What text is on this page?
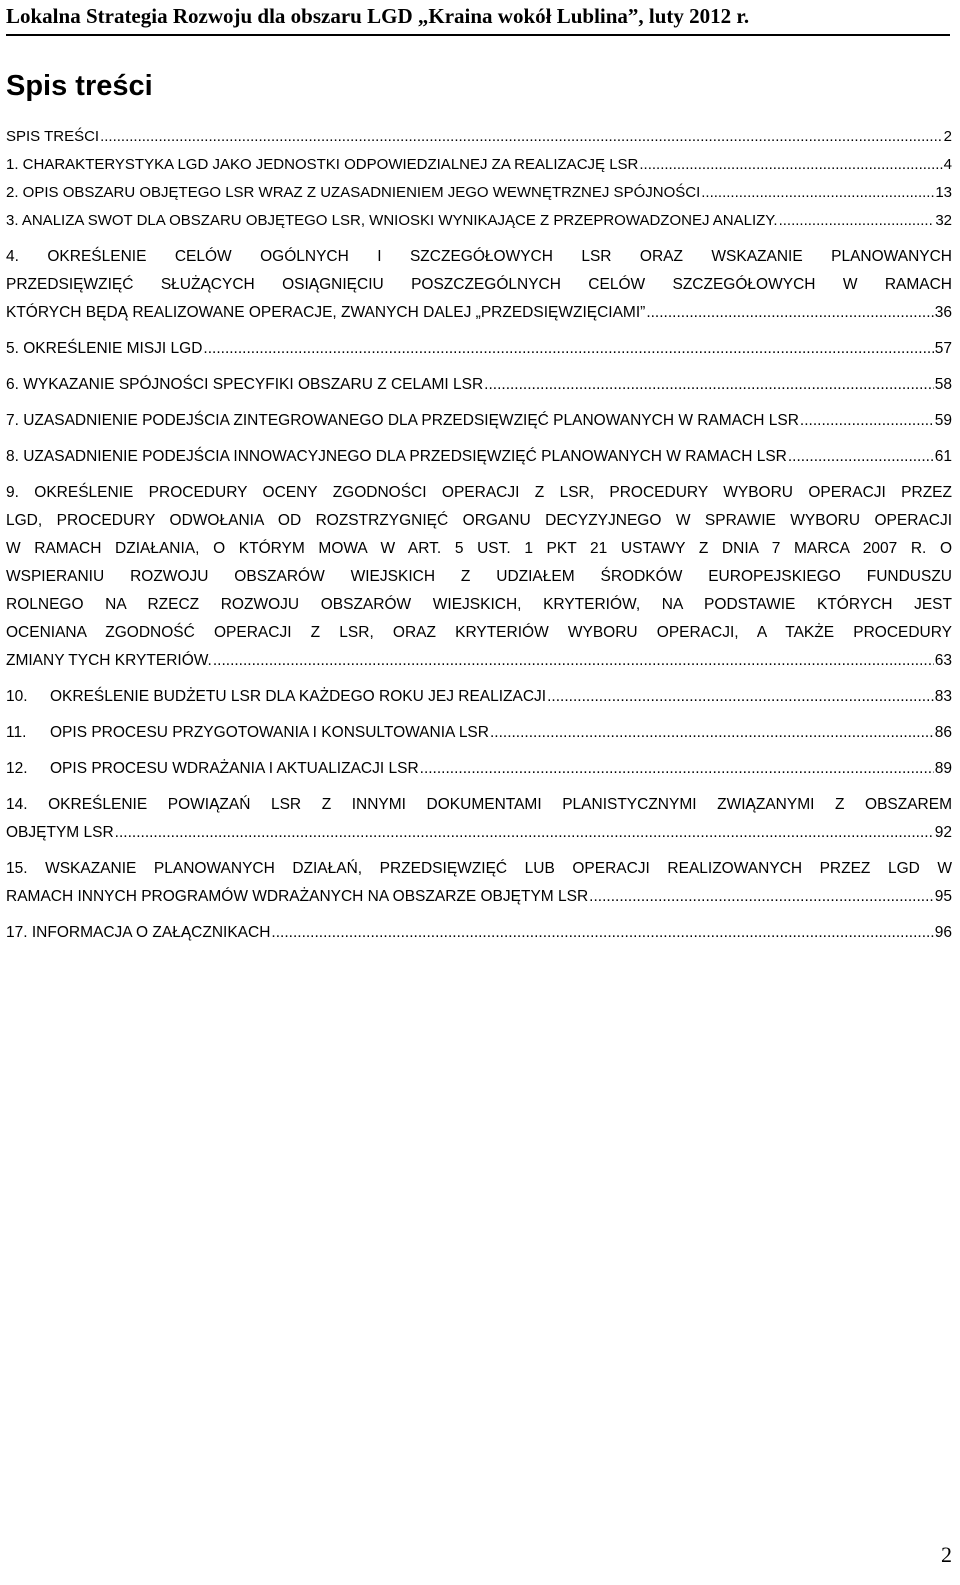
Lokalna Strategia Rozwoju dla obszaru LGD „Kraina wokół Lublina”, luty 2012 r.
Spis treści
SPIS TREŚCI .....	2
1. CHARAKTERYSTYKA LGD JAKO JEDNOSTKI ODPOWIEDZIALNEJ ZA REALIZACJĘ LSR .....	4
2. OPIS OBSZARU OBJĘTEGO LSR WRAZ Z UZASADNIENIEM JEGO WEWNĘTRZNEJ SPÓJNOŚCI .....	13
3. ANALIZA SWOT DLA OBSZARU OBJĘTEGO LSR, WNIOSKI WYNIKAJĄCE Z PRZEPROWADZONEJ ANALIZY. .....	32
4. OKREŚLENIE CELÓW OGÓLNYCH I SZCZEGÓŁOWYCH LSR ORAZ WSKAZANIE PLANOWANYCH
PRZEDSIĘWZIĘĆ SŁUŻĄCYCH OSIĄGNIĘCIU POSZCZEGÓLNYCH CELÓW SZCZEGÓŁOWYCH W RAMACH
KTÓRYCH BĘDĄ REALIZOWANE OPERACJE, ZWANYCH DALEJ „PRZEDSIĘWZIĘCIAMI” .....	36
5. OKREŚLENIE MISJI LGD .....	57
6. WYKAZANIE SPÓJNOŚCI SPECYFIKI OBSZARU Z CELAMI LSR .....	58
7. UZASADNIENIE PODEJŚCIA ZINTEGROWANEGO DLA PRZEDSIĘWZIĘĆ PLANOWANYCH W RAMACH LSR .....	59
8. UZASADNIENIE PODEJŚCIA INNOWACYJNEGO DLA PRZEDSIĘWZIĘĆ PLANOWANYCH W RAMACH LSR .....	61
9. OKREŚLENIE PROCEDURY OCENY ZGODNOŚCI OPERACJI Z LSR, PROCEDURY WYBORU OPERACJI PRZEZ
LGD, PROCEDURY ODWOŁANIA OD ROZSTRZYGNIĘĆ ORGANU DECYZYJNEGO W SPRAWIE WYBORU OPERACJI
W RAMACH DZIAŁANIA, O KTÓRYM MOWA W ART. 5 UST. 1 PKT 21 USTAWY Z DNIA 7 MARCA 2007 R. O
WSPIERANIU ROZWOJU OBSZARÓW WIEJSKICH Z UDZIAŁEM ŚRODKÓW EUROPEJSKIEGO FUNDUSZU
ROLNEGO NA RZECZ ROZWOJU OBSZARÓW WIEJSKICH, KRYTERIÓW, NA PODSTAWIE KTÓRYCH JEST
OCENIANA ZGODNOŚĆ OPERACJI Z LSR, ORAZ KRYTERIÓW WYBORU OPERACJI, A TAKŻE PROCEDURY
ZMIANY TYCH KRYTERIÓW. .....	63
10.	OKREŚLENIE BUDŻETU LSR DLA KAŻDEGO ROKU JEJ REALIZACJI .....	83
11.	OPIS PROCESU PRZYGOTOWANIA I KONSULTOWANIA LSR .....	86
12.	OPIS PROCESU WDRAŻANIA I AKTUALIZACJI LSR .....	89
14. OKREŚLENIE POWIĄZAŃ LSR Z INNYMI DOKUMENTAMI PLANISTYCZNYMI ZWIĄZANYMI Z OBSZAREM
OBJĘTYM LSR .....	92
15. WSKAZANIE PLANOWANYCH DZIAŁAŃ, PRZEDSIĘWZIĘĆ LUB OPERACJI REALIZOWANYCH PRZEZ LGD W
RAMACH INNYCH PROGRAMÓW WDRAŻANYCH NA OBSZARZE OBJĘTYM LSR .....	95
17. INFORMACJA O ZAŁĄCZNIKACH .....	96
2
